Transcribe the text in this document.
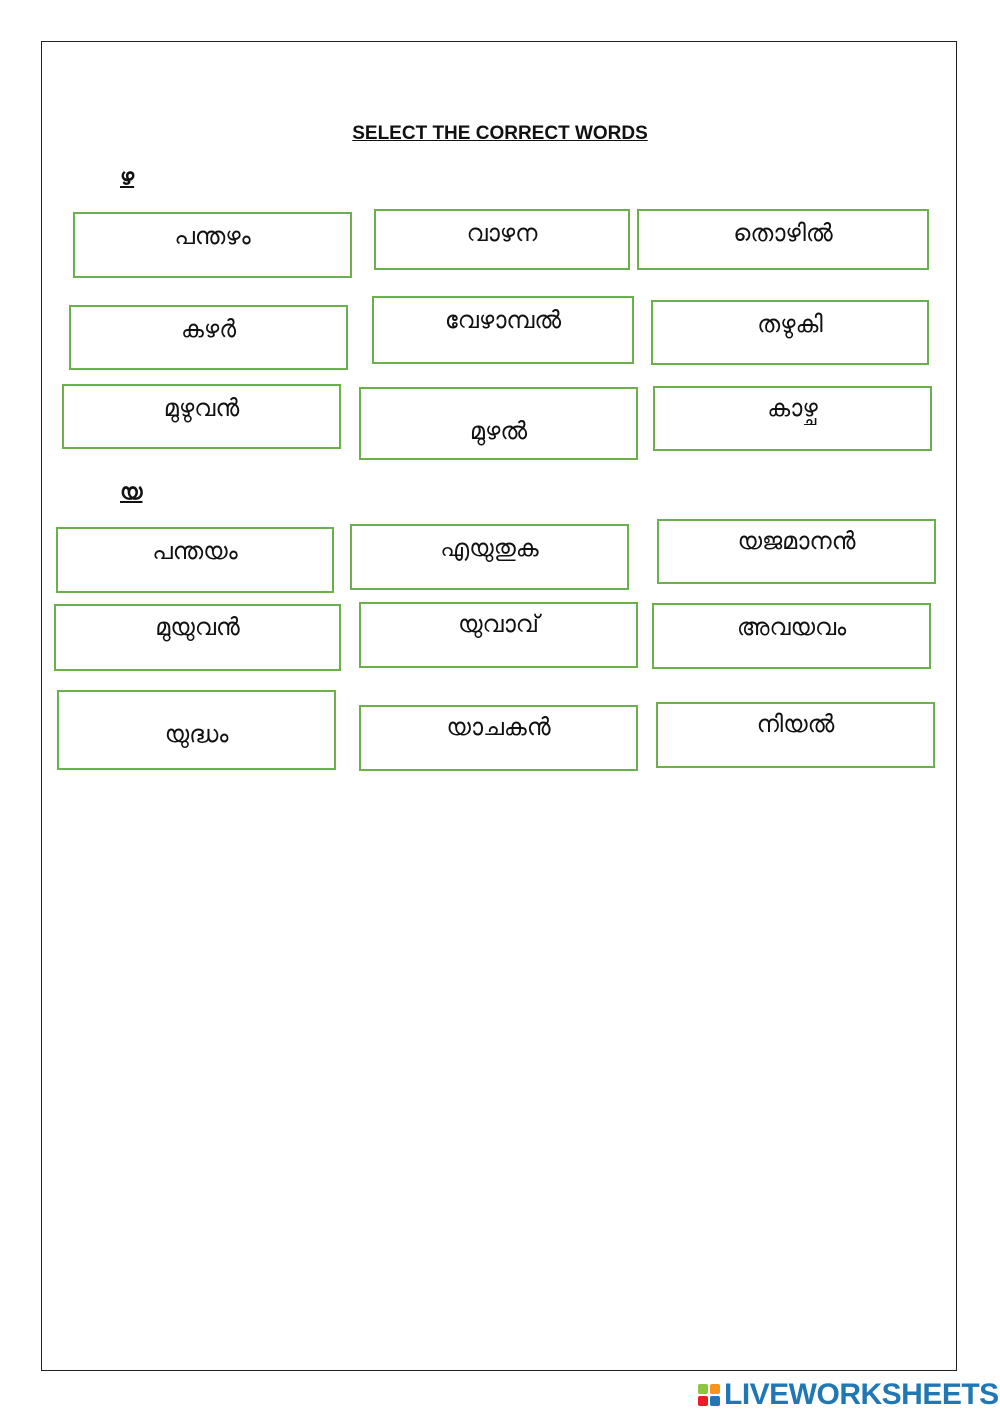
SELECT THE CORRECT WORDS
ഴ
പന്തഴം	വാഴന	തൊഴിൽ
കഴർ	വേഴാമ്പൽ	തഴുകി
മുഴുവൻ
മുഴൽ
കാഴ്ച
യ
പന്തയം	എയുതുക	യജമാനൻ
മുയുവൻ	യുവാവ്	അവയവം
യുദ്ധം	യാചകൻ	നിയൽ
LIVEWORKSHEETS
